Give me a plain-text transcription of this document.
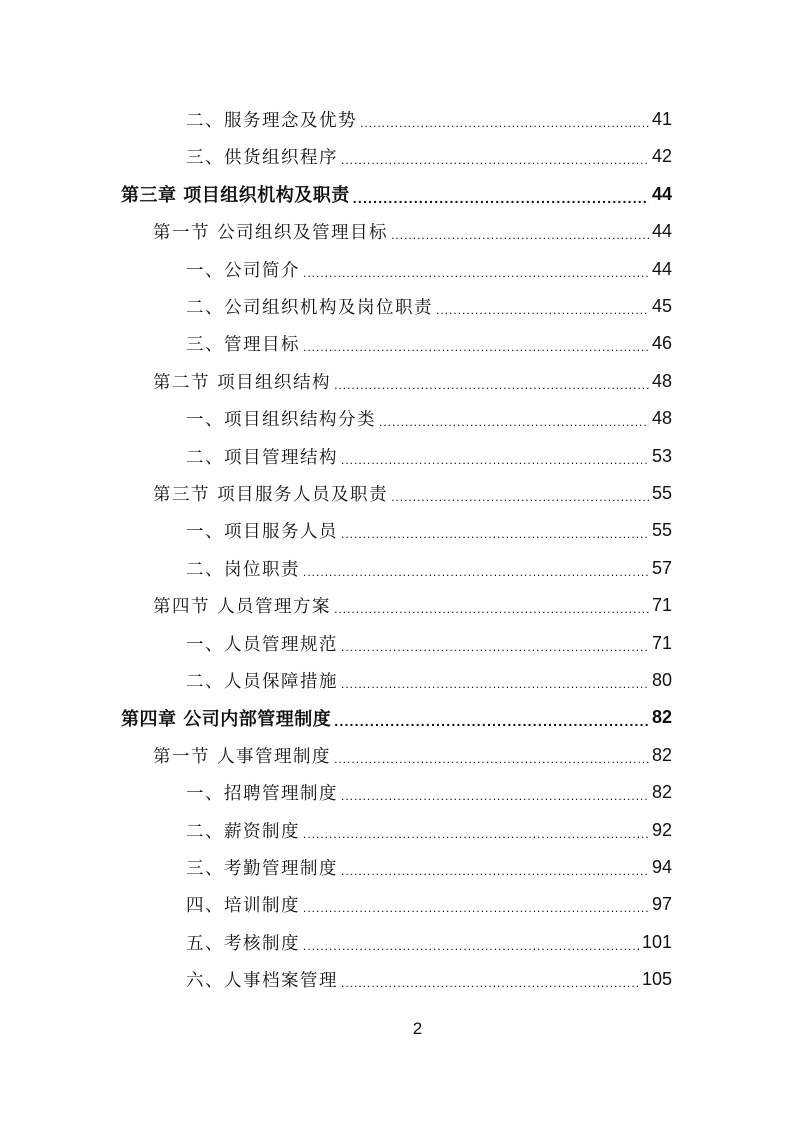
二、服务理念及优势 .....	41
三、供货组织程序 .....	42
第三章 项目组织机构及职责 .....	44
第一节 公司组织及管理目标 .....	44
一、公司简介 .....	44
二、公司组织机构及岗位职责 .....	45
三、管理目标 .....	46
第二节 项目组织结构 .....	48
一、项目组织结构分类 .....	48
二、项目管理结构 .....	53
第三节 项目服务人员及职责 .....	55
一、项目服务人员 .....	55
二、岗位职责 .....	57
第四节 人员管理方案 .....	71
一、人员管理规范 .....	71
二、人员保障措施 .....	80
第四章 公司内部管理制度 .....	82
第一节 人事管理制度 .....	82
一、招聘管理制度 .....	82
二、薪资制度 .....	92
三、考勤管理制度 .....	94
四、培训制度 .....	97
五、考核制度 .....	101
六、人事档案管理 .....	105
2
